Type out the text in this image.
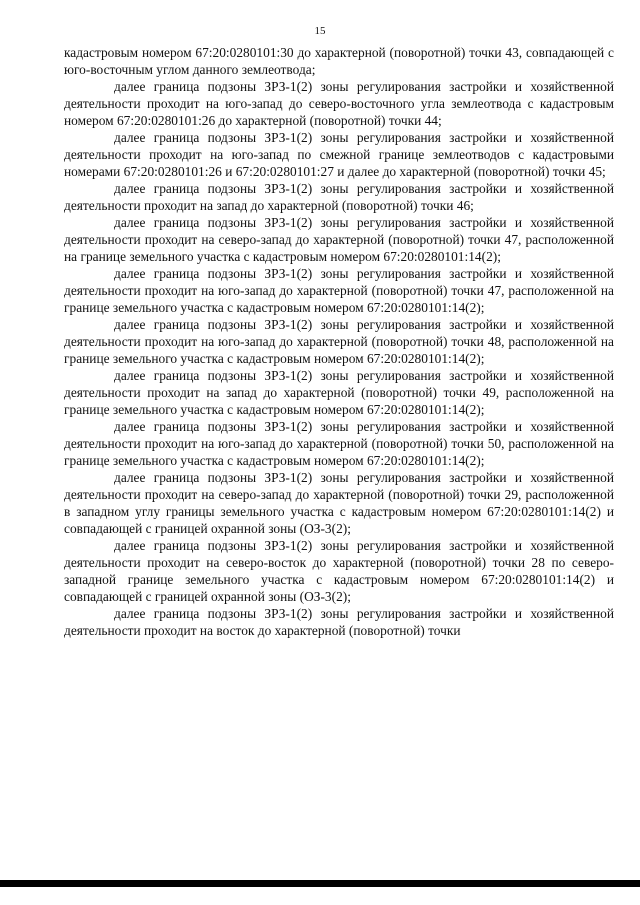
15

кадастровым номером 67:20:0280101:30 до характерной (поворотной) точки 43, совпадающей с юго-восточным углом данного землеотвода;

далее граница подзоны ЗРЗ-1(2) зоны регулирования застройки и хозяйственной деятельности проходит на юго-запад до северо-восточного угла землеотвода с кадастровым номером 67:20:0280101:26 до характерной (поворотной) точки 44;

далее граница подзоны ЗРЗ-1(2) зоны регулирования застройки и хозяйственной деятельности проходит на юго-запад по смежной границе землеотводов с кадастровыми номерами 67:20:0280101:26 и 67:20:0280101:27 и далее до характерной (поворотной) точки 45;

далее граница подзоны ЗРЗ-1(2) зоны регулирования застройки и хозяйственной деятельности проходит на запад до характерной (поворотной) точки 46;

далее граница подзоны ЗРЗ-1(2) зоны регулирования застройки и хозяйственной деятельности проходит на северо-запад до характерной (поворотной) точки 47, расположенной на границе земельного участка с кадастровым номером 67:20:0280101:14(2);

далее граница подзоны ЗРЗ-1(2) зоны регулирования застройки и хозяйственной деятельности проходит на юго-запад до характерной (поворотной) точки 47, расположенной на границе земельного участка с кадастровым номером 67:20:0280101:14(2);

далее граница подзоны ЗРЗ-1(2) зоны регулирования застройки и хозяйственной деятельности проходит на юго-запад до характерной (поворотной) точки 48, расположенной на границе земельного участка с кадастровым номером 67:20:0280101:14(2);

далее граница подзоны ЗРЗ-1(2) зоны регулирования застройки и хозяйственной деятельности проходит на запад до характерной (поворотной) точки 49, расположенной на границе земельного участка с кадастровым номером 67:20:0280101:14(2);

далее граница подзоны ЗРЗ-1(2) зоны регулирования застройки и хозяйственной деятельности проходит на юго-запад до характерной (поворотной) точки 50, расположенной на границе земельного участка с кадастровым номером 67:20:0280101:14(2);

далее граница подзоны ЗРЗ-1(2) зоны регулирования застройки и хозяйственной деятельности проходит на северо-запад до характерной (поворотной) точки 29, расположенной в западном углу границы земельного участка с кадастровым номером 67:20:0280101:14(2) и совпадающей с границей охранной зоны (ОЗ-3(2);

далее граница подзоны ЗРЗ-1(2) зоны регулирования застройки и хозяйственной деятельности проходит на северо-восток до характерной (поворотной) точки 28 по северо-западной границе земельного участка с кадастровым номером 67:20:0280101:14(2) и совпадающей с границей охранной зоны (ОЗ-3(2);

далее граница подзоны ЗРЗ-1(2) зоны регулирования застройки и хозяйственной деятельности проходит на восток до характерной (поворотной) точки
